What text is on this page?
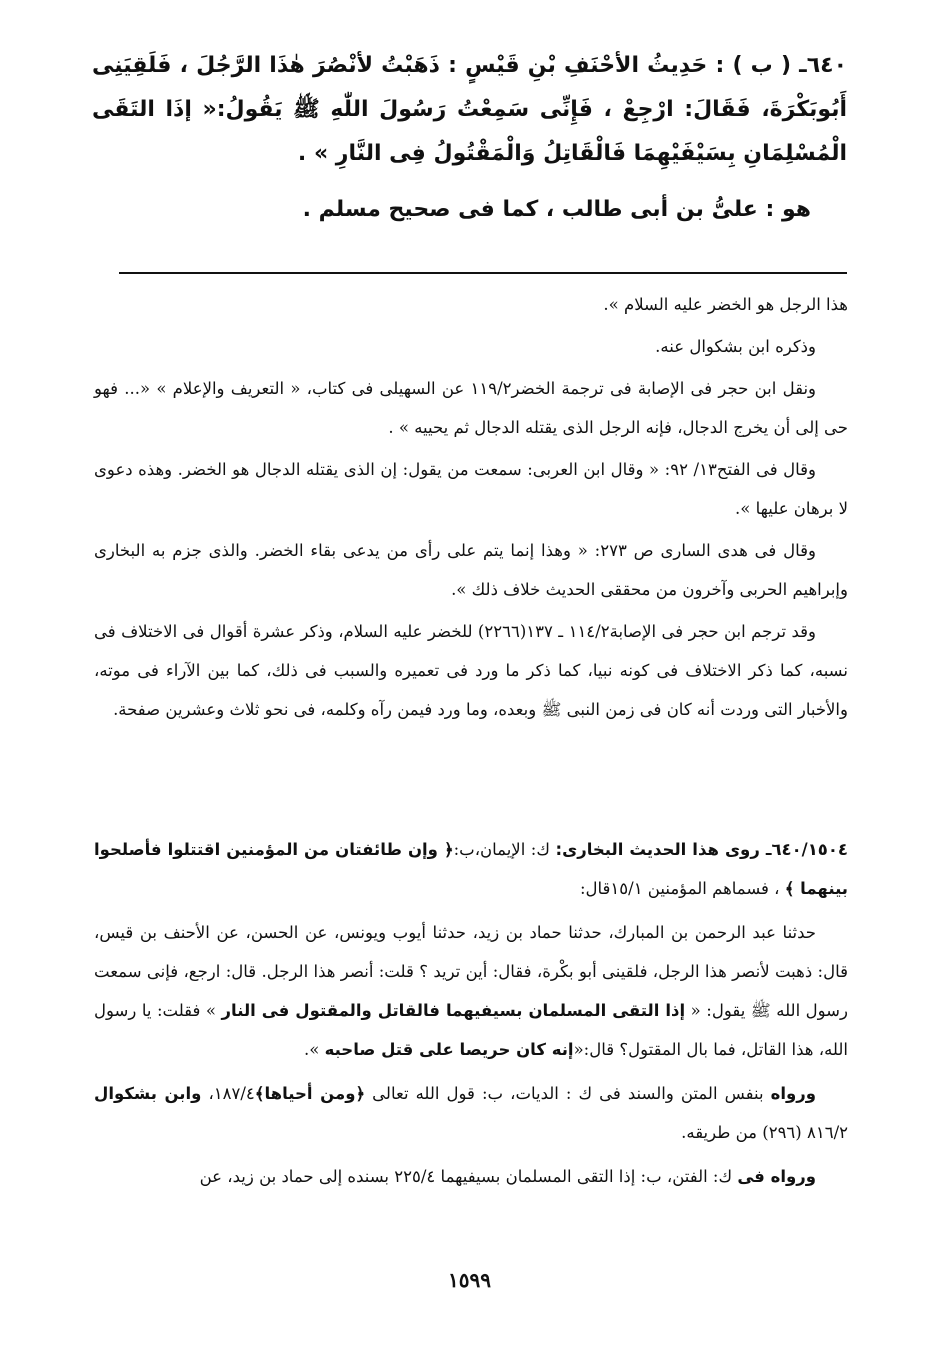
٦٤٠ـ ( ب ) : حَدِيثُ الأحْنَفِ بْنِ قَيْسٍ : ذَهَبْتُ لأنْصُرَ هٰذَا الرَّجُلَ ، فَلَقِيَنِى أَبُوبَكْرَةَ، فَقَالَ: ارْجِعْ ، فَإِنِّى سَمِعْتُ رَسُولَ اللّٰهِ ﷺ يَقُولُ:« إذَا التَقَى الْمُسْلِمَانِ بِسَيْفَيْهِمَا فَالْقَاتِلُ وَالْمَقْتُولُ فِى النَّارِ » .

هو : علىُّ بن أبى طالب ، كما فى صحيح مسلم .

هذا الرجل هو الخضر عليه السلام ».

وذكره ابن بشكوال عنه.

ونقل ابن حجر فى الإصابة فى ترجمة الخضر١١٩/٢ عن السهيلى فى كتاب، « التعريف والإعلام » «... فهو حى إلى أن يخرج الدجال، فإنه الرجل الذى يقتله الدجال ثم يحييه » .

وقال فى الفتح١٣/ ٩٢: « وقال ابن العربى: سمعت من يقول: إن الذى يقتله الدجال هو الخضر. وهذه دعوى لا برهان عليها ».

وقال فى هدى السارى ص ٢٧٣: « وهذا إنما يتم على رأى من يدعى بقاء الخضر. والذى جزم به البخارى وإبراهيم الحربى وآخرون من محققى الحديث خلاف ذلك ».

وقد ترجم ابن حجر فى الإصابة١١٤/٢ ـ ١٣٧(٢٢٦٦) للخضر عليه السلام، وذكر عشرة أقوال فى الاختلاف فى نسبه، كما ذكر الاختلاف فى كونه نبيا، كما ذكر ما ورد فى تعميره والسبب فى ذلك، كما بين الآراء فى موته، والأخبار التى وردت أنه كان فى زمن النبى ﷺ وبعده، وما ورد فيمن رآه وكلمه، فى نحو ثلاث وعشرين صفحة.

٦٤٠/١٥٠٤ـ روى هذا الحديث البخارى: ك: الإيمان،ب:﴿ وإن طائفتان من المؤمنين اقتتلوا فأصلحوا بينهما ﴾ ، فسماهم المؤمنين ١٥/١قال:

حدثنا عبد الرحمن بن المبارك، حدثنا حماد بن زيد، حدثنا أيوب ويونس، عن الحسن، عن الأحنف بن قيس، قال: ذهبت لأنصر هذا الرجل، فلقينى أبو بكْرة، فقال: أين تريد ؟ قلت: أنصر هذا الرجل. قال: ارجع، فإنى سمعت رسول الله ﷺ يقول: « إذا التقى المسلمان بسيفيهما فالقاتل والمقتول فى النار » فقلت: يا رسول الله، هذا القاتل، فما بال المقتول؟ قال:«إنه كان حريصا على قتل صاحبه ».

ورواه بنفس المتن والسند فى ك : الديات، ب: قول الله تعالى ﴿ومن أحياها﴾١٨٧/٤، وابن بشكوال ٨١٦/٢ (٢٩٦) من طريقه.

ورواه فى ك: الفتن، ب: إذا التقى المسلمان بسيفيهما ٢٢٥/٤ بسنده إلى حماد بن زيد، عن

١٥٩٩
